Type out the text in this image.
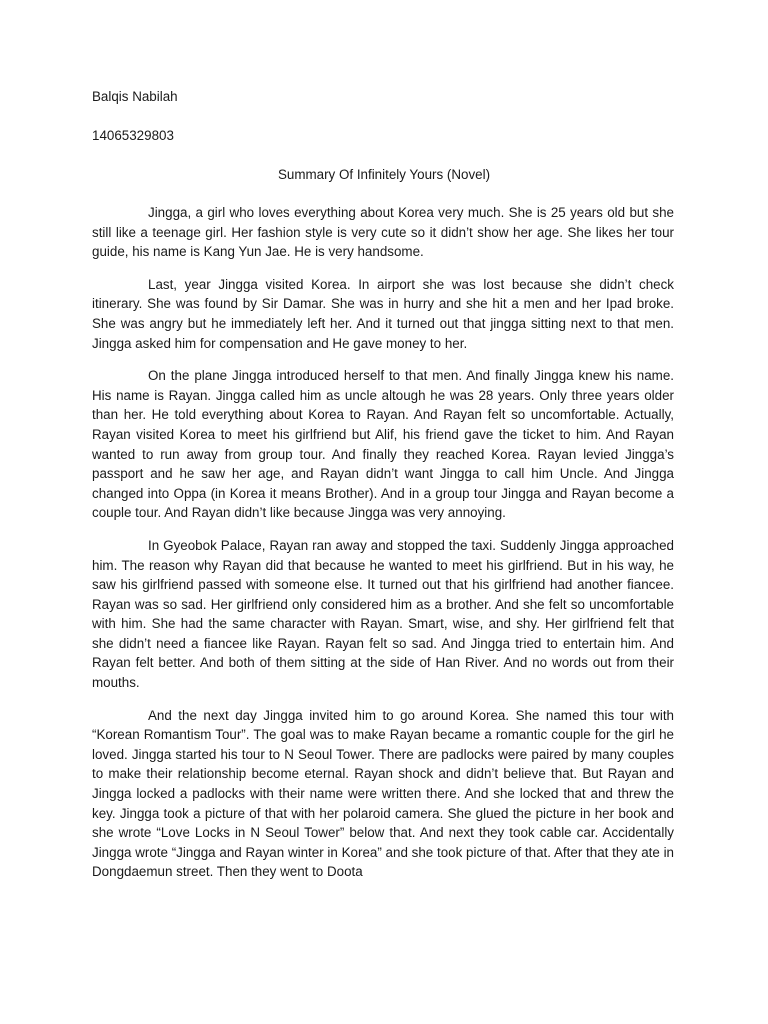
Balqis Nabilah
14065329803
Summary Of Infinitely Yours (Novel)

Jingga, a girl who loves everything about Korea very much. She is 25 years old but she still like a teenage girl. Her fashion style is very cute so it didn’t show her age. She likes her tour guide, his name is Kang Yun Jae. He is very handsome.

Last, year Jingga visited Korea. In airport she was lost because she didn’t check itinerary. She was found by Sir Damar. She was in hurry and she hit a men and her Ipad broke. She was angry but he immediately left her. And it turned out that jingga sitting next to that men. Jingga asked him for compensation and He gave money to her.

On the plane Jingga introduced herself to that men. And finally Jingga knew his name. His name is Rayan. Jingga called him as uncle altough he was 28 years. Only three years older than her. He told everything about Korea to Rayan. And Rayan felt so uncomfortable. Actually, Rayan visited Korea to meet his girlfriend but Alif, his friend gave the ticket to him. And Rayan wanted to run away from group tour. And finally they reached Korea. Rayan levied Jingga’s passport and he saw her age, and Rayan didn’t want Jingga to call him Uncle. And Jingga changed into Oppa (in Korea it means Brother). And in a group tour Jingga and Rayan become a couple tour. And Rayan didn’t like because Jingga was very annoying.

In Gyeobok Palace, Rayan ran away and stopped the taxi. Suddenly Jingga approached him. The reason why Rayan did that because he wanted to meet his girlfriend. But in his way, he saw his girlfriend passed with someone else. It turned out that his girlfriend had another fiancee. Rayan was so sad. Her girlfriend only considered him as a brother. And she felt so uncomfortable with him. She had the same character with Rayan. Smart, wise, and shy. Her girlfriend felt that she didn’t need a fiancee like Rayan. Rayan felt so sad. And Jingga tried to entertain him. And Rayan felt better. And both of them sitting at the side of Han River. And no words out from their mouths.

And the next day Jingga invited him to go around Korea. She named this tour with “Korean Romantism Tour”. The goal was to make Rayan became a romantic couple for the girl he loved. Jingga started his tour to N Seoul Tower. There are padlocks were paired by many couples to make their relationship become eternal. Rayan shock and didn’t believe that. But Rayan and Jingga locked a padlocks with their name were written there. And she locked that and threw the key. Jingga took a picture of that with her polaroid camera. She glued the picture in her book and she wrote “Love Locks in N Seoul Tower” below that. And next they took cable car. Accidentally Jingga wrote “Jingga and Rayan winter in Korea” and she took picture of that. After that they ate in Dongdaemun street. Then they went to Doota
